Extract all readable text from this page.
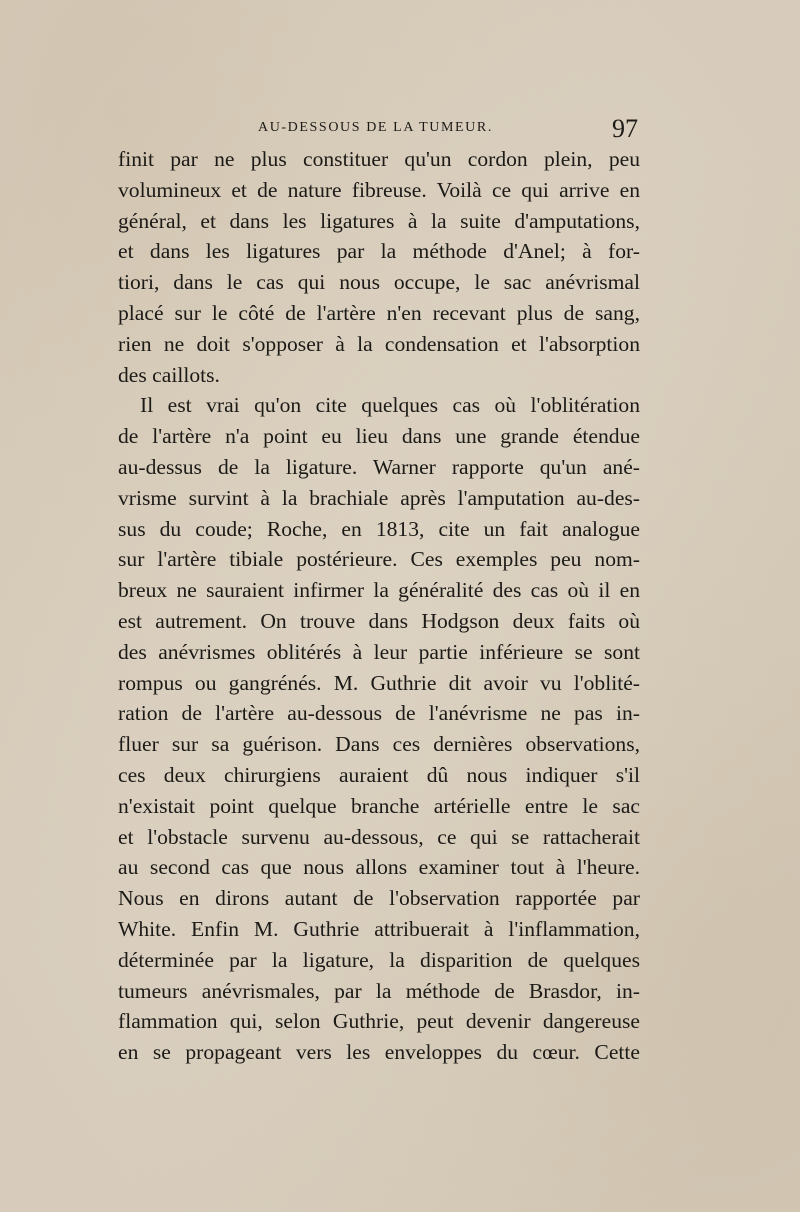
AU-DESSOUS DE LA TUMEUR.	97
finit par ne plus constituer qu'un cordon plein, peu
volumineux et de nature fibreuse. Voilà ce qui arrive en
général, et dans les ligatures à la suite d'amputations,
et dans les ligatures par la méthode d'Anel; à for-
tiori, dans le cas qui nous occupe, le sac anévrismal
placé sur le côté de l'artère n'en recevant plus de sang,
rien ne doit s'opposer à la condensation et l'absorption
des caillots.
Il est vrai qu'on cite quelques cas où l'oblitération
de l'artère n'a point eu lieu dans une grande étendue
au-dessus de la ligature. Warner rapporte qu'un ané-
vrisme survint à la brachiale après l'amputation au-des-
sus du coude; Roche, en 1813, cite un fait analogue
sur l'artère tibiale postérieure. Ces exemples peu nom-
breux ne sauraient infirmer la généralité des cas où il en
est autrement. On trouve dans Hodgson deux faits où
des anévrismes oblitérés à leur partie inférieure se sont
rompus ou gangrénés. M. Guthrie dit avoir vu l'oblité-
ration de l'artère au-dessous de l'anévrisme ne pas in-
fluer sur sa guérison. Dans ces dernières observations,
ces deux chirurgiens auraient dû nous indiquer s'il
n'existait point quelque branche artérielle entre le sac
et l'obstacle survenu au-dessous, ce qui se rattacherait
au second cas que nous allons examiner tout à l'heure.
Nous en dirons autant de l'observation rapportée par
White. Enfin M. Guthrie attribuerait à l'inflammation,
déterminée par la ligature, la disparition de quelques
tumeurs anévrismales, par la méthode de Brasdor, in-
flammation qui, selon Guthrie, peut devenir dangereuse
en se propageant vers les enveloppes du cœur. Cette
